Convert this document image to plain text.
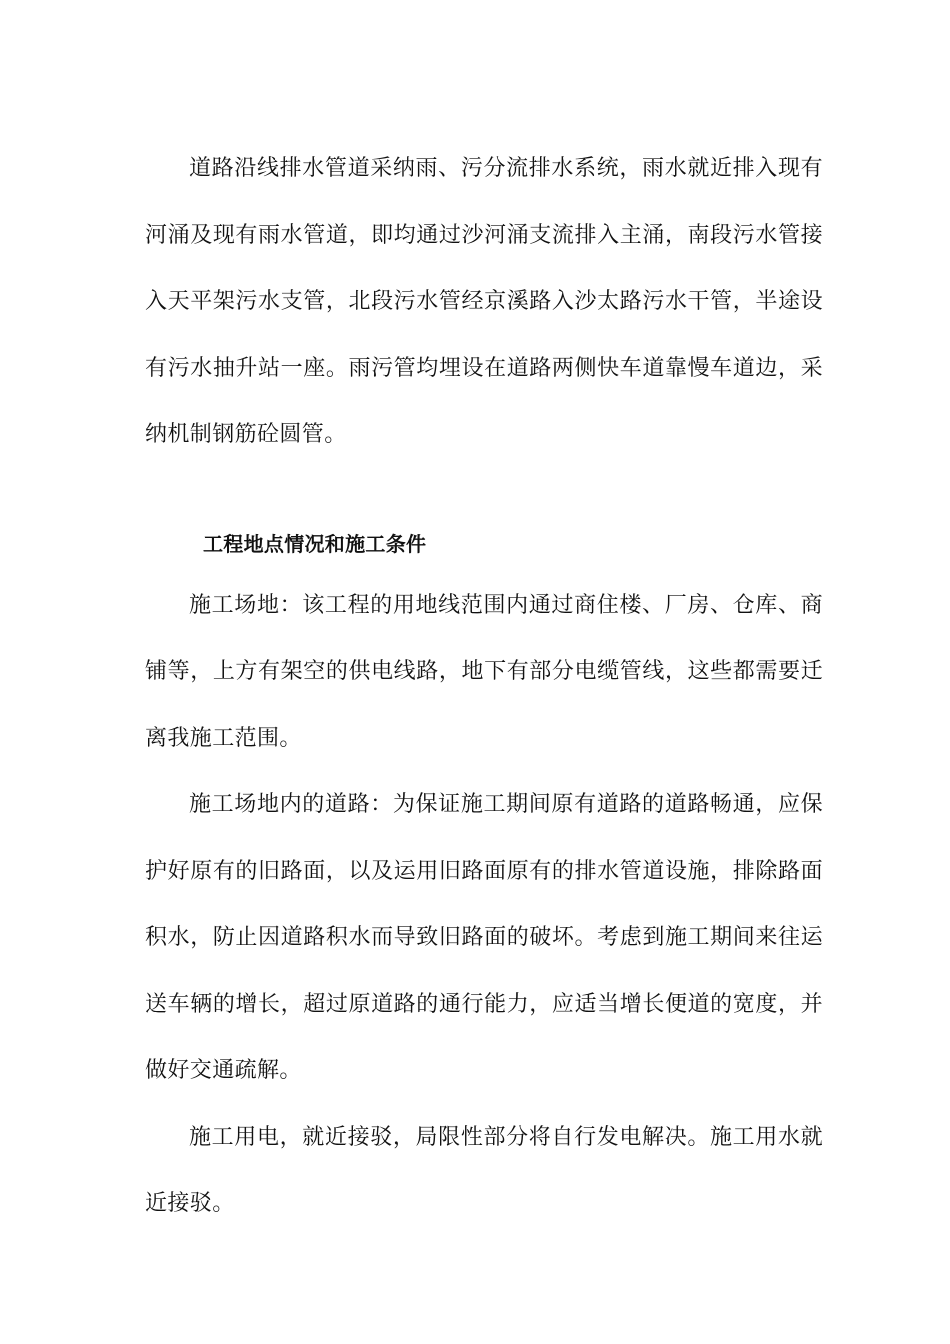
道路沿线排水管道采纳雨、污分流排水系统，雨水就近排入现有河涌及现有雨水管道，即均通过沙河涌支流排入主涌，南段污水管接入天平架污水支管，北段污水管经京溪路入沙太路污水干管，半途设有污水抽升站一座。雨污管均埋设在道路两侧快车道靠慢车道边，采纳机制钢筋砼圆管。

工程地点情况和施工条件

施工场地：该工程的用地线范围内通过商住楼、厂房、仓库、商铺等，上方有架空的供电线路，地下有部分电缆管线，这些都需要迁离我施工范围。

施工场地内的道路：为保证施工期间原有道路的道路畅通，应保护好原有的旧路面，以及运用旧路面原有的排水管道设施，排除路面积水，防止因道路积水而导致旧路面的破坏。考虑到施工期间来往运送车辆的增长，超过原道路的通行能力，应适当增长便道的宽度，并做好交通疏解。

施工用电，就近接驳，局限性部分将自行发电解决。施工用水就近接驳。
